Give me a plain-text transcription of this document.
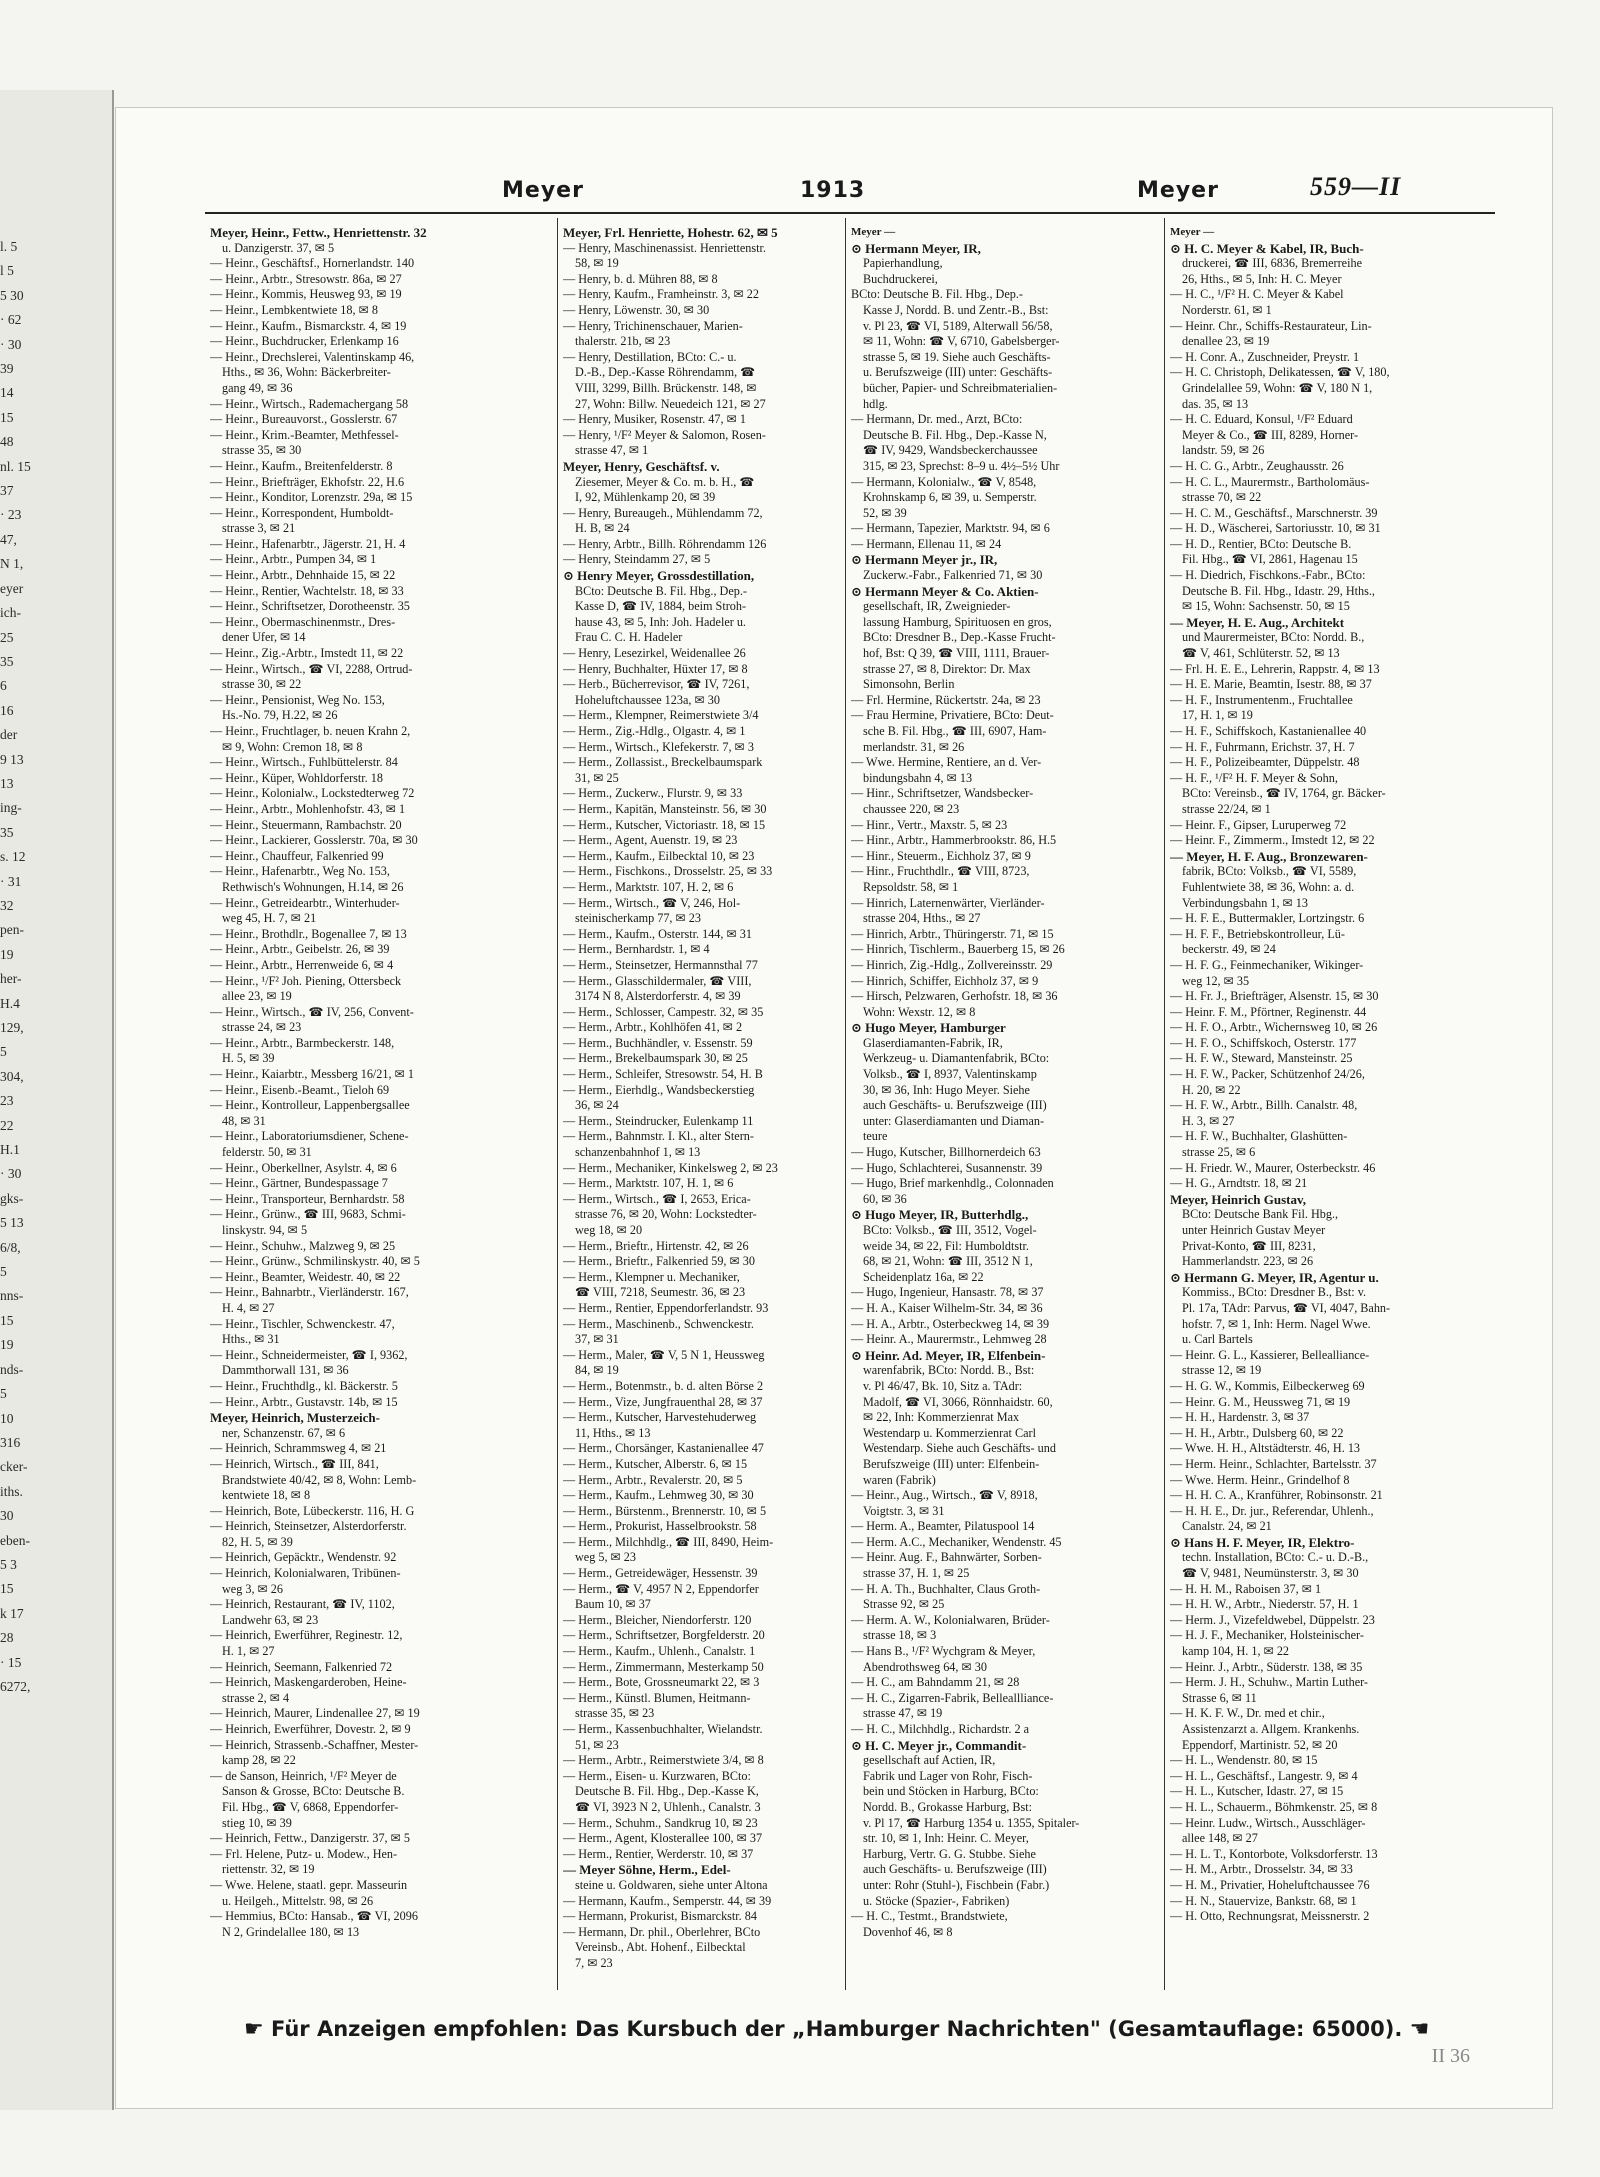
l. 5
l 5
5 30
· 62
· 30
39
14
15
48
nl. 15
37
· 23
47,
N 1,
eyer
ich-
25
35
6
16
der
9 13
13
ing-
35
s. 12
· 31
32
pen-
19
her-
H.4
129,
5
304,
23
22
H.1
· 30
gks-
5 13
6/8,
5
nns-
15
19
nds-
5
10
316
cker-
iths.
30
eben-
5 3
15
k 17
28
· 15
6272,
Meyer	1913	Meyer	559—II
Meyer, Heinr., Fettw., Henriettenstr. 32
u. Danzigerstr. 37, ✉ 5
— Heinr., Geschäftsf., Hornerlandstr. 140
— Heinr., Arbtr., Stresowstr. 86a, ✉ 27
— Heinr., Kommis, Heusweg 93, ✉ 19
— Heinr., Lembkentwiete 18, ✉ 8
— Heinr., Kaufm., Bismarckstr. 4, ✉ 19
— Heinr., Buchdrucker, Erlenkamp 16
— Heinr., Drechslerei, Valentinskamp 46,
Hths., ✉ 36, Wohn: Bäckerbreiter-
gang 49, ✉ 36
— Heinr., Wirtsch., Rademachergang 58
— Heinr., Bureauvorst., Gosslerstr. 67
— Heinr., Krim.-Beamter, Methfessel-
strasse 35, ✉ 30
— Heinr., Kaufm., Breitenfelderstr. 8
— Heinr., Briefträger, Ekhofstr. 22, H.6
— Heinr., Konditor, Lorenzstr. 29a, ✉ 15
— Heinr., Korrespondent, Humboldt-
strasse 3, ✉ 21
— Heinr., Hafenarbtr., Jägerstr. 21, H. 4
— Heinr., Arbtr., Pumpen 34, ✉ 1
— Heinr., Arbtr., Dehnhaide 15, ✉ 22
— Heinr., Rentier, Wachtelstr. 18, ✉ 33
— Heinr., Schriftsetzer, Dorotheenstr. 35
— Heinr., Obermaschinenmstr., Dres-
dener Ufer, ✉ 14
— Heinr., Zig.-Arbtr., Imstedt 11, ✉ 22
— Heinr., Wirtsch., ☎ VI, 2288, Ortrud-
strasse 30, ✉ 22
— Heinr., Pensionist, Weg No. 153,
Hs.-No. 79, H.22, ✉ 26
— Heinr., Fruchtlager, b. neuen Krahn 2,
✉ 9, Wohn: Cremon 18, ✉ 8
— Heinr., Wirtsch., Fuhlbüttelerstr. 84
— Heinr., Küper, Wohldorferstr. 18
— Heinr., Kolonialw., Lockstedterweg 72
— Heinr., Arbtr., Mohlenhofstr. 43, ✉ 1
— Heinr., Steuermann, Rambachstr. 20
— Heinr., Lackierer, Gosslerstr. 70a, ✉ 30
— Heinr., Chauffeur, Falkenried 99
— Heinr., Hafenarbtr., Weg No. 153,
Rethwisch's Wohnungen, H.14, ✉ 26
— Heinr., Getreidearbtr., Winterhuder-
weg 45, H. 7, ✉ 21
— Heinr., Brothdlr., Bogenallee 7, ✉ 13
— Heinr., Arbtr., Geibelstr. 26, ✉ 39
— Heinr., Arbtr., Herrenweide 6, ✉ 4
— Heinr., ¹/F² Joh. Piening, Ottersbeck
allee 23, ✉ 19
— Heinr., Wirtsch., ☎ IV, 256, Convent-
strasse 24, ✉ 23
— Heinr., Arbtr., Barmbeckerstr. 148,
H. 5, ✉ 39
— Heinr., Kaiarbtr., Messberg 16/21, ✉ 1
— Heinr., Eisenb.-Beamt., Tieloh 69
— Heinr., Kontrolleur, Lappenbergsallee
48, ✉ 31
— Heinr., Laboratoriumsdiener, Schene-
felderstr. 50, ✉ 31
— Heinr., Oberkellner, Asylstr. 4, ✉ 6
— Heinr., Gärtner, Bundespassage 7
— Heinr., Transporteur, Bernhardstr. 58
— Heinr., Grünw., ☎ III, 9683, Schmi-
linskystr. 94, ✉ 5
— Heinr., Schuhw., Malzweg 9, ✉ 25
— Heinr., Grünw., Schmilinskystr. 40, ✉ 5
— Heinr., Beamter, Weidestr. 40, ✉ 22
— Heinr., Bahnarbtr., Vierländerstr. 167,
H. 4, ✉ 27
— Heinr., Tischler, Schwenckestr. 47,
Hths., ✉ 31
— Heinr., Schneidermeister, ☎ I, 9362,
Dammthorwall 131, ✉ 36
— Heinr., Fruchthdlg., kl. Bäckerstr. 5
— Heinr., Arbtr., Gustavstr. 14b, ✉ 15
Meyer, Heinrich, Musterzeich-
ner, Schanzenstr. 67, ✉ 6
— Heinrich, Schrammsweg 4, ✉ 21
— Heinrich, Wirtsch., ☎ III, 841,
Brandstwiete 40/42, ✉ 8, Wohn: Lemb-
kentwiete 18, ✉ 8
— Heinrich, Bote, Lübeckerstr. 116, H. G
— Heinrich, Steinsetzer, Alsterdorferstr.
82, H. 5, ✉ 39
— Heinrich, Gepäcktr., Wendenstr. 92
— Heinrich, Kolonialwaren, Tribünen-
weg 3, ✉ 26
— Heinrich, Restaurant, ☎ IV, 1102,
Landwehr 63, ✉ 23
— Heinrich, Ewerführer, Reginestr. 12,
H. 1, ✉ 27
— Heinrich, Seemann, Falkenried 72
— Heinrich, Maskengarderoben, Heine-
strasse 2, ✉ 4
— Heinrich, Maurer, Lindenallee 27, ✉ 19
— Heinrich, Ewerführer, Dovestr. 2, ✉ 9
— Heinrich, Strassenb.-Schaffner, Mester-
kamp 28, ✉ 22
— de Sanson, Heinrich, ¹/F² Meyer de
Sanson & Grosse, BCto: Deutsche B.
Fil. Hbg., ☎ V, 6868, Eppendorfer-
stieg 10, ✉ 39
— Heinrich, Fettw., Danzigerstr. 37, ✉ 5
— Frl. Helene, Putz- u. Modew., Hen-
riettenstr. 32, ✉ 19
— Wwe. Helene, staatl. gepr. Masseurin
u. Heilgeh., Mittelstr. 98, ✉ 26
— Hemmius, BCto: Hansab., ☎ VI, 2096
N 2, Grindelallee 180, ✉ 13
Meyer, Frl. Henriette, Hohestr. 62, ✉ 5
— Henry, Maschinenassist. Henriettenstr.
58, ✉ 19
— Henry, b. d. Mühren 88, ✉ 8
— Henry, Kaufm., Framheinstr. 3, ✉ 22
— Henry, Löwenstr. 30, ✉ 30
— Henry, Trichinenschauer, Marien-
thalerstr. 21b, ✉ 23
— Henry, Destillation, BCto: C.- u.
D.-B., Dep.-Kasse Röhrendamm, ☎
VIII, 3299, Billh. Brückenstr. 148, ✉
27, Wohn: Billw. Neuedeich 121, ✉ 27
— Henry, Musiker, Rosenstr. 47, ✉ 1
— Henry, ¹/F² Meyer & Salomon, Rosen-
strasse 47, ✉ 1
Meyer, Henry, Geschäftsf. v.
Ziesemer, Meyer & Co. m. b. H., ☎
I, 92, Mühlenkamp 20, ✉ 39
— Henry, Bureaugeh., Mühlendamm 72,
H. B, ✉ 24
— Henry, Arbtr., Billh. Röhrendamm 126
— Henry, Steindamm 27, ✉ 5
⊙ Henry Meyer, Grossdestillation,
BCto: Deutsche B. Fil. Hbg., Dep.-
Kasse D, ☎ IV, 1884, beim Stroh-
hause 43, ✉ 5, Inh: Joh. Hadeler u.
Frau C. C. H. Hadeler
— Henry, Lesezirkel, Weidenallee 26
— Henry, Buchhalter, Hüxter 17, ✉ 8
— Herb., Bücherrevisor, ☎ IV, 7261,
Hoheluftchaussee 123a, ✉ 30
— Herm., Klempner, Reimerstwiete 3/4
— Herm., Zig.-Hdlg., Olgastr. 4, ✉ 1
— Herm., Wirtsch., Klefekerstr. 7, ✉ 3
— Herm., Zollassist., Breckelbaumspark
31, ✉ 25
— Herm., Zuckerw., Flurstr. 9, ✉ 33
— Herm., Kapitän, Mansteinstr. 56, ✉ 30
— Herm., Kutscher, Victoriastr. 18, ✉ 15
— Herm., Agent, Auenstr. 19, ✉ 23
— Herm., Kaufm., Eilbecktal 10, ✉ 23
— Herm., Fischkons., Drosselstr. 25, ✉ 33
— Herm., Marktstr. 107, H. 2, ✉ 6
— Herm., Wirtsch., ☎ V, 246, Hol-
steinischerkamp 77, ✉ 23
— Herm., Kaufm., Osterstr. 144, ✉ 31
— Herm., Bernhardstr. 1, ✉ 4
— Herm., Steinsetzer, Hermannsthal 77
— Herm., Glasschildermaler, ☎ VIII,
3174 N 8, Alsterdorferstr. 4, ✉ 39
— Herm., Schlosser, Campestr. 32, ✉ 35
— Herm., Arbtr., Kohlhöfen 41, ✉ 2
— Herm., Buchhändler, v. Essenstr. 59
— Herm., Brekelbaumspark 30, ✉ 25
— Herm., Schleifer, Stresowstr. 54, H. B
— Herm., Eierhdlg., Wandsbeckerstieg
36, ✉ 24
— Herm., Steindrucker, Eulenkamp 11
— Herm., Bahnmstr. I. Kl., alter Stern-
schanzenbahnhof 1, ✉ 13
— Herm., Mechaniker, Kinkelsweg 2, ✉ 23
— Herm., Marktstr. 107, H. 1, ✉ 6
— Herm., Wirtsch., ☎ I, 2653, Erica-
strasse 76, ✉ 20, Wohn: Lockstedter-
weg 18, ✉ 20
— Herm., Brieftr., Hirtenstr. 42, ✉ 26
— Herm., Brieftr., Falkenried 59, ✉ 30
— Herm., Klempner u. Mechaniker,
☎ VIII, 7218, Seumestr. 36, ✉ 23
— Herm., Rentier, Eppendorferlandstr. 93
— Herm., Maschinenb., Schwenckestr.
37, ✉ 31
— Herm., Maler, ☎ V, 5 N 1, Heussweg
84, ✉ 19
— Herm., Botenmstr., b. d. alten Börse 2
— Herm., Vize, Jungfrauenthal 28, ✉ 37
— Herm., Kutscher, Harvestehuderweg
11, Hths., ✉ 13
— Herm., Chorsänger, Kastanienallee 47
— Herm., Kutscher, Alberstr. 6, ✉ 15
— Herm., Arbtr., Revalerstr. 20, ✉ 5
— Herm., Kaufm., Lehmweg 30, ✉ 30
— Herm., Bürstenm., Brennerstr. 10, ✉ 5
— Herm., Prokurist, Hasselbrookstr. 58
— Herm., Milchhdlg., ☎ III, 8490, Heim-
weg 5, ✉ 23
— Herm., Getreidewäger, Hessenstr. 39
— Herm., ☎ V, 4957 N 2, Eppendorfer
Baum 10, ✉ 37
— Herm., Bleicher, Niendorferstr. 120
— Herm., Schriftsetzer, Borgfelderstr. 20
— Herm., Kaufm., Uhlenh., Canalstr. 1
— Herm., Zimmermann, Mesterkamp 50
— Herm., Bote, Grossneumarkt 22, ✉ 3
— Herm., Künstl. Blumen, Heitmann-
strasse 35, ✉ 23
— Herm., Kassenbuchhalter, Wielandstr.
51, ✉ 23
— Herm., Arbtr., Reimerstwiete 3/4, ✉ 8
— Herm., Eisen- u. Kurzwaren, BCto:
Deutsche B. Fil. Hbg., Dep.-Kasse K,
☎ VI, 3923 N 2, Uhlenh., Canalstr. 3
— Herm., Schuhm., Sandkrug 10, ✉ 23
— Herm., Agent, Klosterallee 100, ✉ 37
— Herm., Rentier, Werderstr. 10, ✉ 37
— Meyer Söhne, Herm., Edel-
steine u. Goldwaren, siehe unter Altona
— Hermann, Kaufm., Semperstr. 44, ✉ 39
— Hermann, Prokurist, Bismarckstr. 84
— Hermann, Dr. phil., Oberlehrer, BCto
Vereinsb., Abt. Hohenf., Eilbecktal
7, ✉ 23
Meyer —
⊙ Hermann Meyer, IR,
Papierhandlung,
Buchdruckerei,
BCto: Deutsche B. Fil. Hbg., Dep.-
Kasse J, Nordd. B. und Zentr.-B., Bst:
v. Pl 23, ☎ VI, 5189, Alterwall 56/58,
✉ 11, Wohn: ☎ V, 6710, Gabelsberger-
strasse 5, ✉ 19. Siehe auch Geschäfts-
u. Berufszweige (III) unter: Geschäfts-
bücher, Papier- und Schreibmaterialien-
hdlg.
— Hermann, Dr. med., Arzt, BCto:
Deutsche B. Fil. Hbg., Dep.-Kasse N,
☎ IV, 9429, Wandsbeckerchaussee
315, ✉ 23, Sprechst: 8–9 u. 4½–5½ Uhr
— Hermann, Kolonialw., ☎ V, 8548,
Krohnskamp 6, ✉ 39, u. Semperstr.
52, ✉ 39
— Hermann, Tapezier, Marktstr. 94, ✉ 6
— Hermann, Ellenau 11, ✉ 24
⊙ Hermann Meyer jr., IR,
Zuckerw.-Fabr., Falkenried 71, ✉ 30
⊙ Hermann Meyer & Co. Aktien-
gesellschaft, IR, Zweignieder-
lassung Hamburg, Spirituosen en gros,
BCto: Dresdner B., Dep.-Kasse Frucht-
hof, Bst: Q 39, ☎ VIII, 1111, Brauer-
strasse 27, ✉ 8, Direktor: Dr. Max
Simonsohn, Berlin
— Frl. Hermine, Rückertstr. 24a, ✉ 23
— Frau Hermine, Privatiere, BCto: Deut-
sche B. Fil. Hbg., ☎ III, 6907, Ham-
merlandstr. 31, ✉ 26
— Wwe. Hermine, Rentiere, an d. Ver-
bindungsbahn 4, ✉ 13
— Hinr., Schriftsetzer, Wandsbecker-
chaussee 220, ✉ 23
— Hinr., Vertr., Maxstr. 5, ✉ 23
— Hinr., Arbtr., Hammerbrookstr. 86, H.5
— Hinr., Steuerm., Eichholz 37, ✉ 9
— Hinr., Fruchthdlr., ☎ VIII, 8723,
Repsoldstr. 58, ✉ 1
— Hinrich, Laternenwärter, Vierländer-
strasse 204, Hths., ✉ 27
— Hinrich, Arbtr., Thüringerstr. 71, ✉ 15
— Hinrich, Tischlerm., Bauerberg 15, ✉ 26
— Hinrich, Zig.-Hdlg., Zollvereinsstr. 29
— Hinrich, Schiffer, Eichholz 37, ✉ 9
— Hirsch, Pelzwaren, Gerhofstr. 18, ✉ 36
Wohn: Wexstr. 12, ✉ 8
⊙ Hugo Meyer, Hamburger
Glaserdiamanten-Fabrik, IR,
Werkzeug- u. Diamantenfabrik, BCto:
Volksb., ☎ I, 8937, Valentinskamp
30, ✉ 36, Inh: Hugo Meyer. Siehe
auch Geschäfts- u. Berufszweige (III)
unter: Glaserdiamanten und Diaman-
teure
— Hugo, Kutscher, Billhornerdeich 63
— Hugo, Schlachterei, Susannenstr. 39
— Hugo, Brief markenhdlg., Colonnaden
60, ✉ 36
⊙ Hugo Meyer, IR, Butterhdlg.,
BCto: Volksb., ☎ III, 3512, Vogel-
weide 34, ✉ 22, Fil: Humboldtstr.
68, ✉ 21, Wohn: ☎ III, 3512 N 1,
Scheidenplatz 16a, ✉ 22
— Hugo, Ingenieur, Hansastr. 78, ✉ 37
— H. A., Kaiser Wilhelm-Str. 34, ✉ 36
— H. A., Arbtr., Osterbeckweg 14, ✉ 39
— Heinr. A., Maurermstr., Lehmweg 28
⊙ Heinr. Ad. Meyer, IR, Elfenbein-
warenfabrik, BCto: Nordd. B., Bst:
v. Pl 46/47, Bk. 10, Sitz a. TAdr:
Madolf, ☎ VI, 3066, Rönnhaidstr. 60,
✉ 22, Inh: Kommerzienrat Max
Westendarp u. Kommerzienrat Carl
Westendarp. Siehe auch Geschäfts- und
Berufszweige (III) unter: Elfenbein-
waren (Fabrik)
— Heinr., Aug., Wirtsch., ☎ V, 8918,
Voigtstr. 3, ✉ 31
— Herm. A., Beamter, Pilatuspool 14
— Herm. A.C., Mechaniker, Wendenstr. 45
— Heinr. Aug. F., Bahnwärter, Sorben-
strasse 37, H. 1, ✉ 25
— H. A. Th., Buchhalter, Claus Groth-
Strasse 92, ✉ 25
— Herm. A. W., Kolonialwaren, Brüder-
strasse 18, ✉ 3
— Hans B., ¹/F² Wychgram & Meyer,
Abendrothsweg 64, ✉ 30
— H. C., am Bahndamm 21, ✉ 28
— H. C., Zigarren-Fabrik, Belleallliance-
strasse 47, ✉ 19
— H. C., Milchhdlg., Richardstr. 2 a
⊙ H. C. Meyer jr., Commandit-
gesellschaft auf Actien, IR,
Fabrik und Lager von Rohr, Fisch-
bein und Stöcken in Harburg, BCto:
Nordd. B., Grokasse Harburg, Bst:
v. Pl 17, ☎ Harburg 1354 u. 1355, Spitaler-
str. 10, ✉ 1, Inh: Heinr. C. Meyer,
Harburg, Vertr. G. G. Stubbe. Siehe
auch Geschäfts- u. Berufszweige (III)
unter: Rohr (Stuhl-), Fischbein (Fabr.)
u. Stöcke (Spazier-, Fabriken)
— H. C., Testmt., Brandstwiete,
Dovenhof 46, ✉ 8
Meyer —
⊙ H. C. Meyer & Kabel, IR, Buch-
druckerei, ☎ III, 6836, Bremerreihe
26, Hths., ✉ 5, Inh: H. C. Meyer
— H. C., ¹/F² H. C. Meyer & Kabel
Norderstr. 61, ✉ 1
— Heinr. Chr., Schiffs-Restaurateur, Lin-
denallee 23, ✉ 19
— H. Conr. A., Zuschneider, Preystr. 1
— H. C. Christoph, Delikatessen, ☎ V, 180,
Grindelallee 59, Wohn: ☎ V, 180 N 1,
das. 35, ✉ 13
— H. C. Eduard, Konsul, ¹/F² Eduard
Meyer & Co., ☎ III, 8289, Horner-
landstr. 59, ✉ 26
— H. C. G., Arbtr., Zeughausstr. 26
— H. C. L., Maurermstr., Bartholomäus-
strasse 70, ✉ 22
— H. C. M., Geschäftsf., Marschnerstr. 39
— H. D., Wäscherei, Sartoriusstr. 10, ✉ 31
— H. D., Rentier, BCto: Deutsche B.
Fil. Hbg., ☎ VI, 2861, Hagenau 15
— H. Diedrich, Fischkons.-Fabr., BCto:
Deutsche B. Fil. Hbg., Idastr. 29, Hths.,
✉ 15, Wohn: Sachsenstr. 50, ✉ 15
— Meyer, H. E. Aug., Architekt
und Maurermeister, BCto: Nordd. B.,
☎ V, 461, Schlüterstr. 52, ✉ 13
— Frl. H. E. E., Lehrerin, Rappstr. 4, ✉ 13
— H. E. Marie, Beamtin, Isestr. 88, ✉ 37
— H. F., Instrumentenm., Fruchtallee
17, H. 1, ✉ 19
— H. F., Schiffskoch, Kastanienallee 40
— H. F., Fuhrmann, Erichstr. 37, H. 7
— H. F., Polizeibeamter, Düppelstr. 48
— H. F., ¹/F² H. F. Meyer & Sohn,
BCto: Vereinsb., ☎ IV, 1764, gr. Bäcker-
strasse 22/24, ✉ 1
— Heinr. F., Gipser, Luruperweg 72
— Heinr. F., Zimmerm., Imstedt 12, ✉ 22
— Meyer, H. F. Aug., Bronzewaren-
fabrik, BCto: Volksb., ☎ VI, 5589,
Fuhlentwiete 38, ✉ 36, Wohn: a. d.
Verbindungsbahn 1, ✉ 13
— H. F. E., Buttermakler, Lortzingstr. 6
— H. F. F., Betriebskontrolleur, Lü-
beckerstr. 49, ✉ 24
— H. F. G., Feinmechaniker, Wikinger-
weg 12, ✉ 35
— H. Fr. J., Briefträger, Alsenstr. 15, ✉ 30
— Heinr. F. M., Pförtner, Reginenstr. 44
— H. F. O., Arbtr., Wichernsweg 10, ✉ 26
— H. F. O., Schiffskoch, Osterstr. 177
— H. F. W., Steward, Mansteinstr. 25
— H. F. W., Packer, Schützenhof 24/26,
H. 20, ✉ 22
— H. F. W., Arbtr., Billh. Canalstr. 48,
H. 3, ✉ 27
— H. F. W., Buchhalter, Glashütten-
strasse 25, ✉ 6
— H. Friedr. W., Maurer, Osterbeckstr. 46
— H. G., Arndtstr. 18, ✉ 21
Meyer, Heinrich Gustav,
BCto: Deutsche Bank Fil. Hbg.,
unter Heinrich Gustav Meyer
Privat-Konto, ☎ III, 8231,
Hammerlandstr. 223, ✉ 26
⊙ Hermann G. Meyer, IR, Agentur u.
Kommiss., BCto: Dresdner B., Bst: v.
Pl. 17a, TAdr: Parvus, ☎ VI, 4047, Bahn-
hofstr. 7, ✉ 1, Inh: Herm. Nagel Wwe.
u. Carl Bartels
— Heinr. G. L., Kassierer, Bellealliance-
strasse 12, ✉ 19
— H. G. W., Kommis, Eilbeckerweg 69
— Heinr. G. M., Heussweg 71, ✉ 19
— H. H., Hardenstr. 3, ✉ 37
— H. H., Arbtr., Dulsberg 60, ✉ 22
— Wwe. H. H., Altstädterstr. 46, H. 13
— Herm. Heinr., Schlachter, Bartelsstr. 37
— Wwe. Herm. Heinr., Grindelhof 8
— H. H. C. A., Kranführer, Robinsonstr. 21
— H. H. E., Dr. jur., Referendar, Uhlenh.,
Canalstr. 24, ✉ 21
⊙ Hans H. F. Meyer, IR, Elektro-
techn. Installation, BCto: C.- u. D.-B.,
☎ V, 9481, Neumünsterstr. 3, ✉ 30
— H. H. M., Raboisen 37, ✉ 1
— H. H. W., Arbtr., Niederstr. 57, H. 1
— Herm. J., Vizefeldwebel, Düppelstr. 23
— H. J. F., Mechaniker, Holsteinischer-
kamp 104, H. 1, ✉ 22
— Heinr. J., Arbtr., Süderstr. 138, ✉ 35
— Herm. J. H., Schuhw., Martin Luther-
Strasse 6, ✉ 11
— H. K. F. W., Dr. med et chir.,
Assistenzarzt a. Allgem. Krankenhs.
Eppendorf, Martinistr. 52, ✉ 20
— H. L., Wendenstr. 80, ✉ 15
— H. L., Geschäftsf., Langestr. 9, ✉ 4
— H. L., Kutscher, Idastr. 27, ✉ 15
— H. L., Schauerm., Böhmkenstr. 25, ✉ 8
— Heinr. Ludw., Wirtsch., Ausschläger-
allee 148, ✉ 27
— H. L. T., Kontorbote, Volksdorferstr. 13
— H. M., Arbtr., Drosselstr. 34, ✉ 33
— H. M., Privatier, Hoheluftchaussee 76
— H. N., Stauervize, Bankstr. 68, ✉ 1
— H. Otto, Rechnungsrat, Meissnerstr. 2
☛ Für Anzeigen empfohlen: Das Kursbuch der „Hamburger Nachrichten" (Gesamtauflage: 65000). ☚
II 36
